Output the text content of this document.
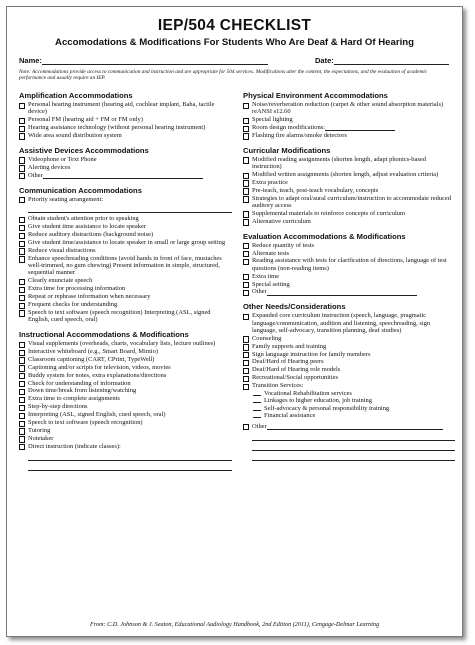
IEP/504 CHECKLIST
Accomodations & Modifications For Students Who Are Deaf & Hard Of Hearing
Name:	Date:
Note: Accommodations provide access to communication and instruction and are appropriate for 504 services. Modifications alter the content, the expectations, and the evaluation of academic performance and usually require an IEP.
Amplification Accommodations
Personal hearing instrument (hearing aid, cochlear implant, Baha, tactile device)
Personal FM (hearing aid + FM or FM only)
Hearing assistance technology (without personal hearing instrument)
Wide area sound distribution system
Assistive Devices Accommodations
Videophone or Text Phone
Alerting devices
Other
Communication Accommodations
Priority seating arrangement:
Obtain student's attention prior to speaking
Give student time assistance to locate speaker
Reduce auditory distractions (background noise)
Give student time/assistance to locate speaker in small or large group setting
Reduce visual distractions
Enhance speechreading conditions (avoid hands in front of face, mustaches well-trimmed, no gum chewing) Present information in simple, structured, sequential manner
Clearly enunciate speech
Extra time for processing information
Repeat or rephrase information when necessary
Frequent checks for understanding
Speech to text software (speech recognition) Interpreting (ASL, signed English, cued speech, oral)
Instructional Accommodations & Modifications
Visual supplements (overheads, charts, vocabulary lists, lecture outlines)
Interactive whiteboard (e.g., Smart Board, Mimio)
Classroom captioning (CART, CPrint, TypeWell)
Captioning and/or scripts for television, videos, movies
Buddy system for notes, extra explanations/directions
Check for understanding of information
Down time/break from listening/watching
Extra time to complete assignments
Step-by-step directions
Interpreting (ASL, signed English, cued speech, oral)
Speech to text software (speech recognition)
Tutoring
Notetaker
Direct instruction (indicate classes):
Physical Environment Accommodations
Noise/reverberation reduction (carpet & other sound absorption materials) reANSI s12.60
Special lighting
Room design modifications:
Flashing fire alarms/smoke detectors
Curricular Modifications
Modified reading assignments (shorten length, adapt phonics-based instruction)
Modified written assignments (shorten length, adjust evaluation criteria)
Extra practice
Pre-teach, teach, post-teach vocabulary, concepts
Strategies to adapt oral/aural curriculum/instruction to accommodate reduced auditory access
Supplemental materials to reinforce concepts of curriculum
Alternative curriculum
Evaluation Accommodations & Modifications
Reduce quantity of tests
Alternate tests
Reading assistance with tests for clarification of directions, language of test questions (non-reading items)
Extra time
Special setting
Other
Other Needs/Considerations
Expanded core curriculum instruction (speech, language, pragmatic language/communication, audition and listening, speechreading, sign language, self-advocacy, transition planning, deaf studies)
Counseling
Family supports and training
Sign language instruction for family members
Deaf/Hard of Hearing peers
Deaf/Hard of Hearing role models
Recreational/Social opportunities
Transition Services:
Vocational Rehabilitation services
Linkages to higher education, job training
Self-advocacy & personal responsibility training
Financial assistance
Other
From: C.D. Johnson & J. Seaton, Educational Audiology Handbook, 2nd Edition (2011), Cengage-Delmar Learning
